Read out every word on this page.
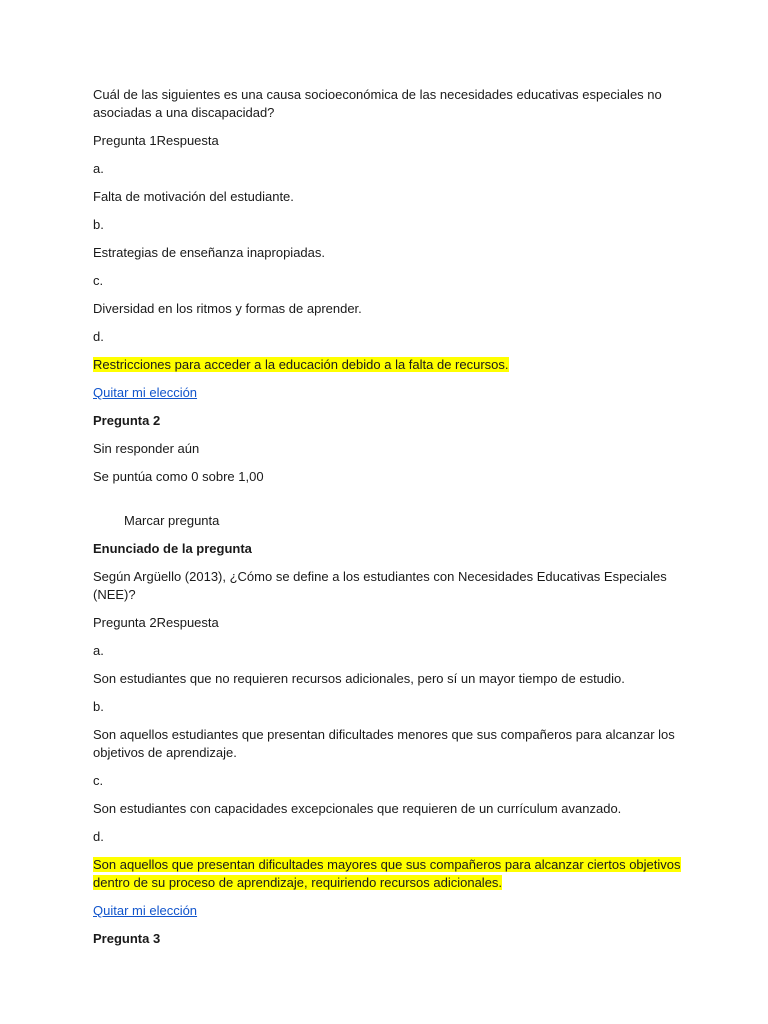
Cuál de las siguientes es una causa socioeconómica de las necesidades educativas especiales no asociadas a una discapacidad?

Pregunta 1Respuesta

a.

Falta de motivación del estudiante.

b.

Estrategias de enseñanza inapropiadas.

c.

Diversidad en los ritmos y formas de aprender.

d.

Restricciones para acceder a la educación debido a la falta de recursos.

Quitar mi elección

Pregunta 2

Sin responder aún

Se puntúa como 0 sobre 1,00

Marcar pregunta

Enunciado de la pregunta

Según Argüello (2013), ¿Cómo se define a los estudiantes con Necesidades Educativas Especiales (NEE)?

Pregunta 2Respuesta

a.

Son estudiantes que no requieren recursos adicionales, pero sí un mayor tiempo de estudio.

b.

Son aquellos estudiantes que presentan dificultades menores que sus compañeros para alcanzar los objetivos de aprendizaje.

c.

Son estudiantes con capacidades excepcionales que requieren de un currículum avanzado.

d.

Son aquellos que presentan dificultades mayores que sus compañeros para alcanzar ciertos objetivos dentro de su proceso de aprendizaje, requiriendo recursos adicionales.

Quitar mi elección

Pregunta 3
